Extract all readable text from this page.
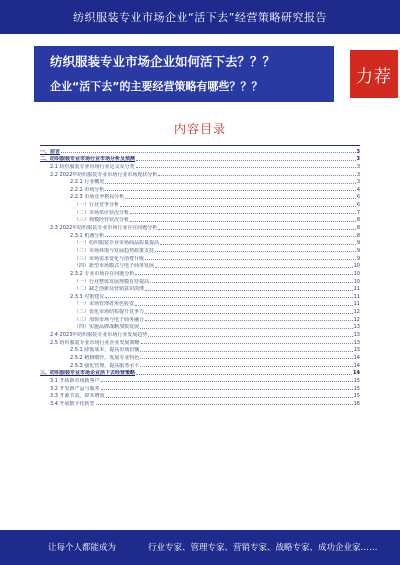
纺织服装专业市场企业“活下去”经营策略研究报告
纺织服装专业市场企业如何活下去？？？
企业“活下去”的主要经营策略有哪些？？？	力荐
内容目录
一、前言	3
二、纺织服装专业市场行业市场分析及预测	3
2.1 纺织服装专业市场行业定义及分类	3
2.2 2022年纺织服装专业市场行业市场现状分析	3
2.2.1 行业概况	3
2.2.2 市场分析	4
2.2.3 市场竞争格局分析	6
（一）行业竞争分析	6
（二）市场供应状况分析	7
（三）规模经营状况分析	8
2.3 2022年纺织服装专业市场行业存在问题分析	8
2.3.1 机遇分析	8
（一）纺织服装专业市场商品质量提高	9
（二）市场环境与发展趋势政策支持	9
（三）市场需求变化与消费升级	9
（四）新型市场模式与电子商务发展	10
2.3.2 专业市场存在问题分析	10
（一）行业整体发展规模有待提高	10
（二）缺乏创新及营销意识淡薄	11
2.3.3 对策建议	11
（一）市场管理者角色转变	11
（二）优化市场结构提升竞争力	12
（三）加快市场与电子商务融合	12
（四）实施品牌战略加快发展	13
2.4 2023年纺织服装专业市场行业发展趋势	13
2.5 纺织服装专业市场行业企业发展策略	13
2.5.1 降低成本，提高市场份额	13
2.5.2 精耕细作，发展专业特色	14
2.5.3 强化管理，提高服务水平	14
三、纺织服装专业市场企业活下去经营策略	14
3.1 开拓新市场新客户	15
3.2 开发新产品与服务	15
3.3 开源节流，降本增效	15
3.4 开展数字化转型	16
让每个人都能成为	行业专家、管理专家、营销专家、战略专家、成功企业家……
